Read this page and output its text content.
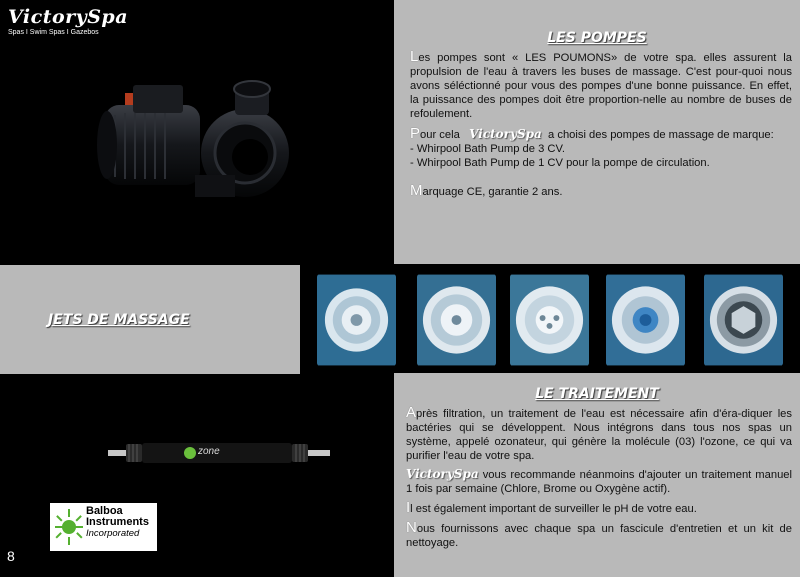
VictorySpa
Spas I Swim Spas I Gazebos	LES POMPES

Les pompes sont « LES POUMONS» de votre spa. elles assurent la propulsion de l'eau à travers les buses de massage. C'est pour-quoi nous avons séléctionné pour vous des pompes d'une bonne puissance. En effet, la puissance des pompes doit être proportion-nelle au nombre de buses de refoulement.

Pour cela VictorySpa a choisi des pompes de massage de marque:

- Whirpool Bath Pump de 3 CV.

- Whirpool Bath Pump de 1 CV pour la pompe de circulation.

Marquage CE, garantie 2 ans.

JETS DE MASSAGE
zone
Balboa
Instruments
Incorporated
LE TRAITEMENT

Après filtration, un traitement de l'eau est nécessaire afin d'éra-diquer les bactéries qui se développent. Nous intégrons dans tous nos spas un système, appelé ozonateur, qui génère la molécule (03) l'ozone, ce qui va purifier l'eau de votre spa.

VictorySpa vous recommande néanmoins d'ajouter un traitement manuel 1 fois par semaine (Chlore, Brome ou Oxygène actif).

Il est également important de surveiller le pH de votre eau.

Nous fournissons avec chaque spa un fascicule d'entretien et un kit de nettoyage.

8
